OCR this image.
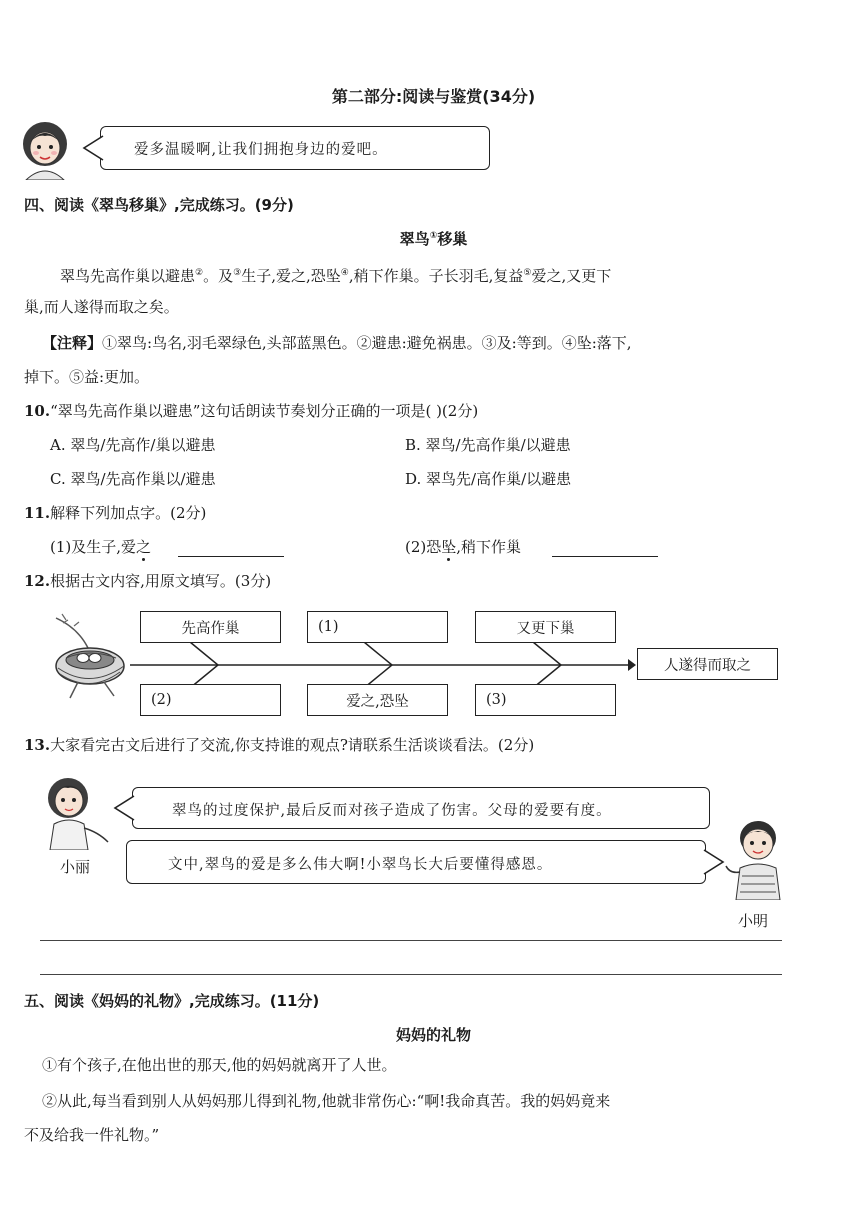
第二部分:阅读与鉴赏(34分)
爱多温暖啊,让我们拥抱身边的爱吧。
四、阅读《翠鸟移巢》,完成练习。(9分)
翠鸟①移巢
翠鸟先高作巢以避患②。及③生子,爱之,恐坠④,稍下作巢。子长羽毛,复益⑤爱之,又更下
巢,而人遂得而取之矣。
【注释】①翠鸟:鸟名,羽毛翠绿色,头部蓝黑色。②避患:避免祸患。③及:等到。④坠:落下,
掉下。⑤益:更加。
10.“翠鸟先高作巢以避患”这句话朗读节奏划分正确的一项是( )(2分)
A. 翠鸟/先高作/巢以避患	B. 翠鸟/先高作巢/以避患
C. 翠鸟/先高作巢以/避患	D. 翠鸟先/高作巢/以避患
11.解释下列加点字。(2分)
(1)及生子,爱之	(2)恐坠,稍下作巢
12.根据古文内容,用原文填写。(3分)
先高作巢	(1)	又更下巢
(2)	爱之,恐坠	(3)
人遂得而取之
13.大家看完古文后进行了交流,你支持谁的观点?请联系生活谈谈看法。(2分)
小丽
翠鸟的过度保护,最后反而对孩子造成了伤害。父母的爱要有度。
文中,翠鸟的爱是多么伟大啊!小翠鸟长大后要懂得感恩。
小明
五、阅读《妈妈的礼物》,完成练习。(11分)
妈妈的礼物
①有个孩子,在他出世的那天,他的妈妈就离开了人世。
②从此,每当看到别人从妈妈那儿得到礼物,他就非常伤心:“啊!我命真苦。我的妈妈竟来
不及给我一件礼物。”
